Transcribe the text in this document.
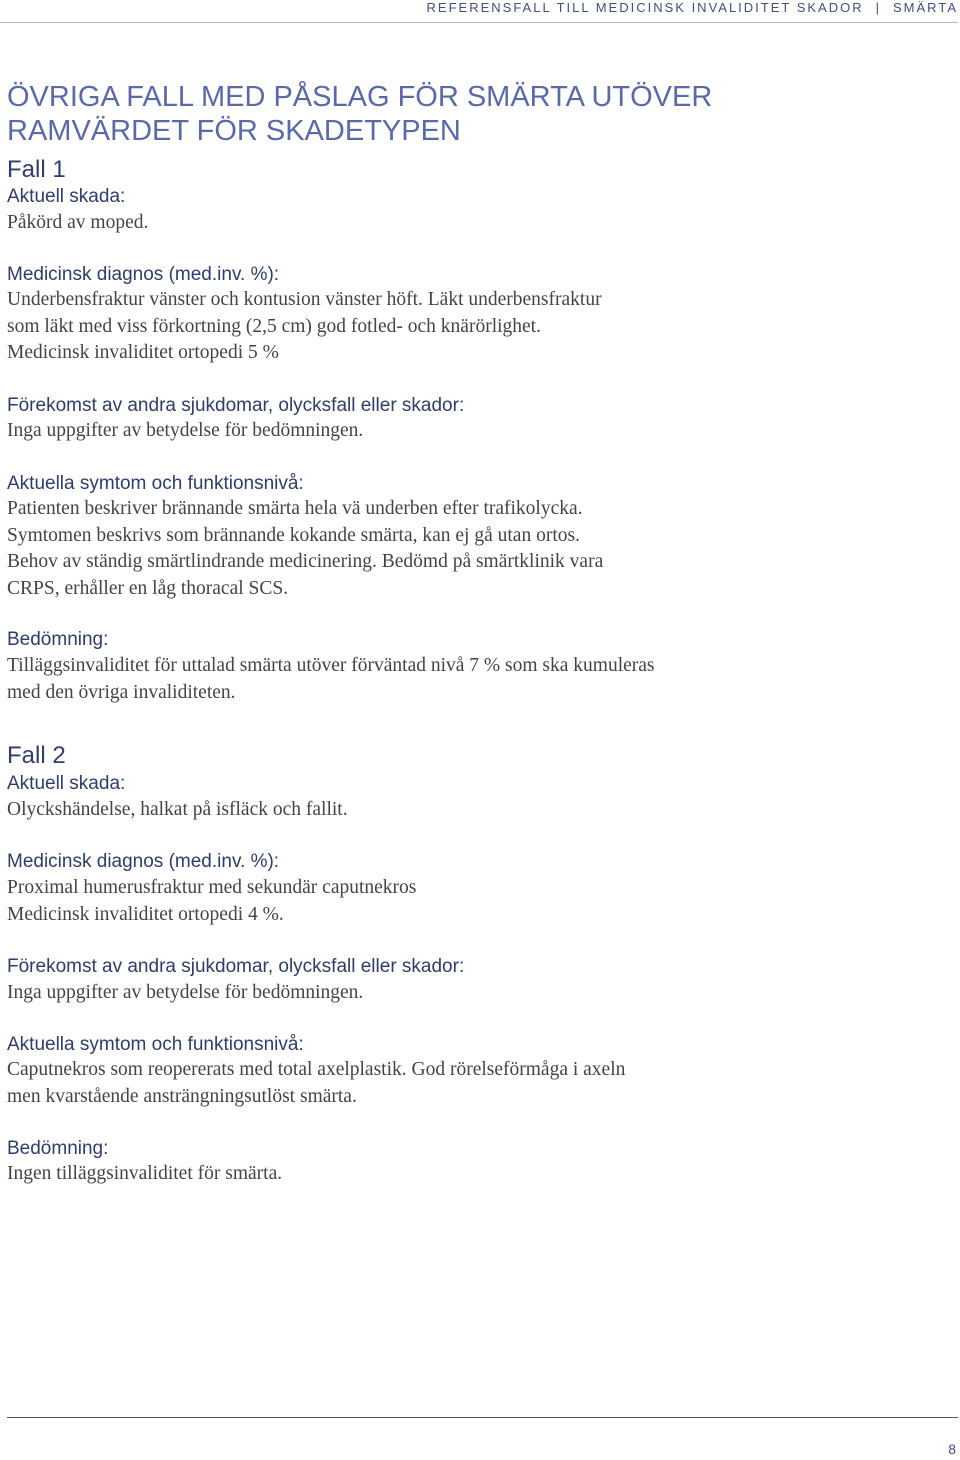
REFERENSFALL TILL MEDICINSK INVALIDITET SKADOR | SMÄRTA
ÖVRIGA FALL MED PÅSLAG FÖR SMÄRTA UTÖVER
RAMVÄRDET FÖR SKADETYPEN
Fall 1
Aktuell skada:

Påkörd av moped.

Medicinsk diagnos (med.inv. %):

Underbensfraktur vänster och kontusion vänster höft. Läkt underbensfraktur

som läkt med viss förkortning (2,5 cm) god fotled- och knärörlighet.

Medicinsk invaliditet ortopedi 5 %

Förekomst av andra sjukdomar, olycksfall eller skador:

Inga uppgifter av betydelse för bedömningen.

Aktuella symtom och funktionsnivå:

Patienten beskriver brännande smärta hela vä underben efter trafikolycka.

Symtomen beskrivs som brännande kokande smärta, kan ej gå utan ortos.

Behov av ständig smärtlindrande medicinering. Bedömd på smärtklinik vara

CRPS, erhåller en låg thoracal SCS.

Bedömning:

Tilläggsinvaliditet för uttalad smärta utöver förväntad nivå 7 % som ska kumuleras

med den övriga invaliditeten.

Fall 2
Aktuell skada:

Olyckshändelse, halkat på isfläck och fallit.

Medicinsk diagnos (med.inv. %):

Proximal humerusfraktur med sekundär caputnekros

Medicinsk invaliditet ortopedi 4 %.

Förekomst av andra sjukdomar, olycksfall eller skador:

Inga uppgifter av betydelse för bedömningen.

Aktuella symtom och funktionsnivå:

Caputnekros som reopererats med total axelplastik. God rörelseförmåga i axeln

men kvarstående ansträngningsutlöst smärta.

Bedömning:

Ingen tilläggsinvaliditet för smärta.

8
